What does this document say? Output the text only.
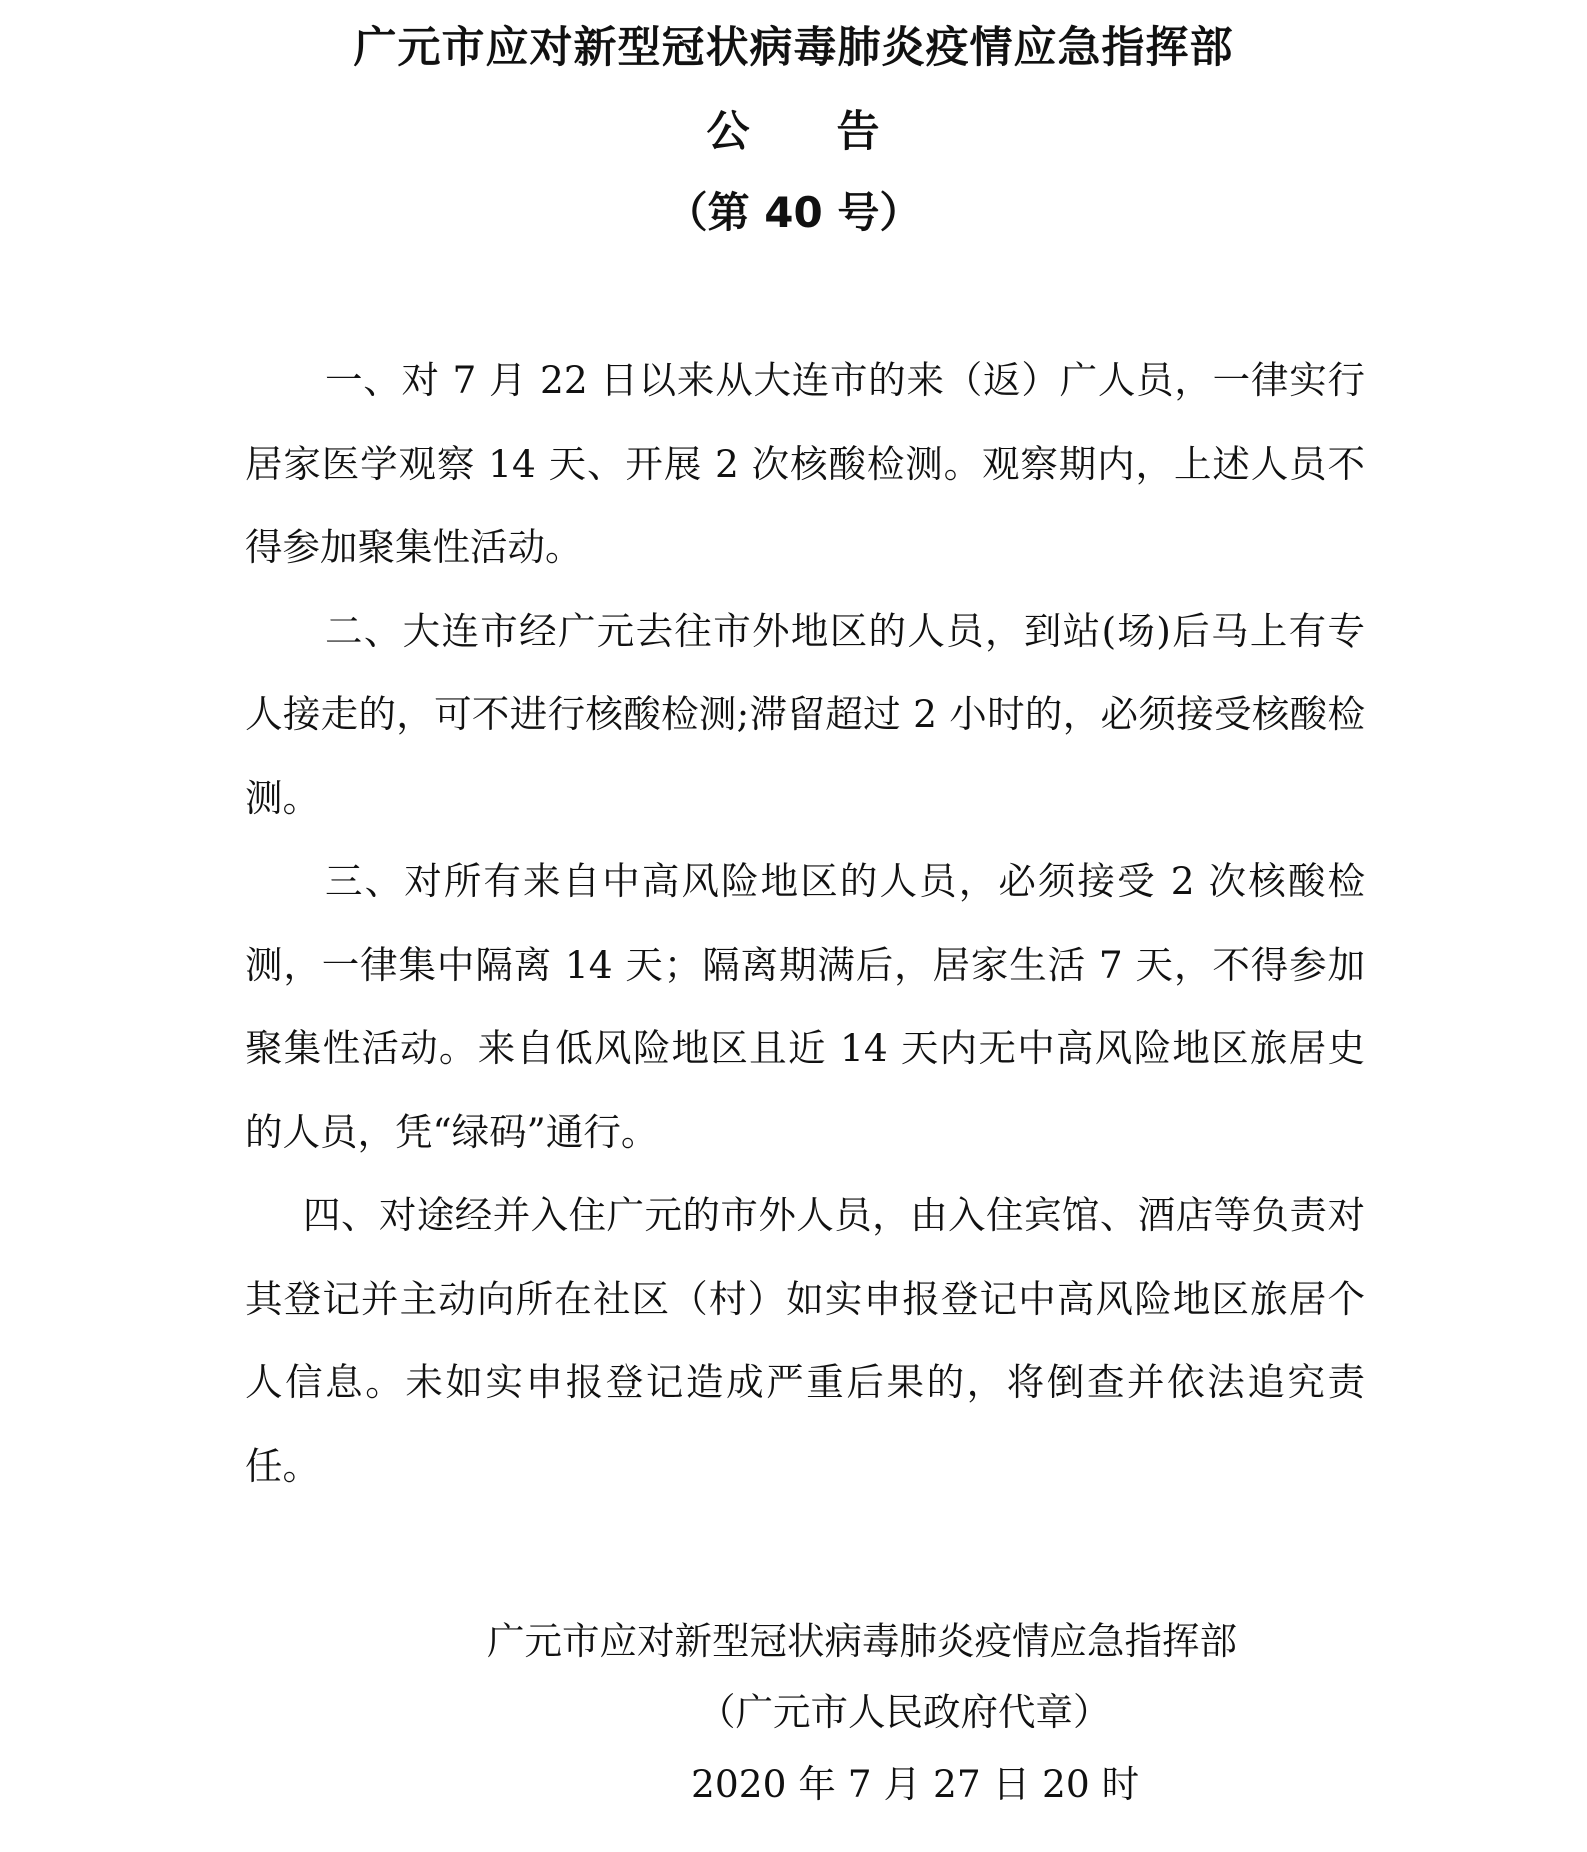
广元市应对新型冠状病毒肺炎疫情应急指挥部
公 告
（第 40 号）

一、对 7 月 22 日以来从大连市的来（返）广人员，一律实行居家医学观察 14 天、开展 2 次核酸检测。观察期内，上述人员不得参加聚集性活动。

二、大连市经广元去往市外地区的人员，到站(场)后马上有专人接走的，可不进行核酸检测;滞留超过 2 小时的，必须接受核酸检测。

三、对所有来自中高风险地区的人员，必须接受 2 次核酸检测，一律集中隔离 14 天；隔离期满后，居家生活 7 天，不得参加聚集性活动。来自低风险地区且近 14 天内无中高风险地区旅居史的人员，凭“绿码”通行。

四、对途经并入住广元的市外人员，由入住宾馆、酒店等负责对其登记并主动向所在社区（村）如实申报登记中高风险地区旅居个人信息。未如实申报登记造成严重后果的，将倒查并依法追究责任。

广元市应对新型冠状病毒肺炎疫情应急指挥部
（广元市人民政府代章）
2020 年 7 月 27 日 20 时
